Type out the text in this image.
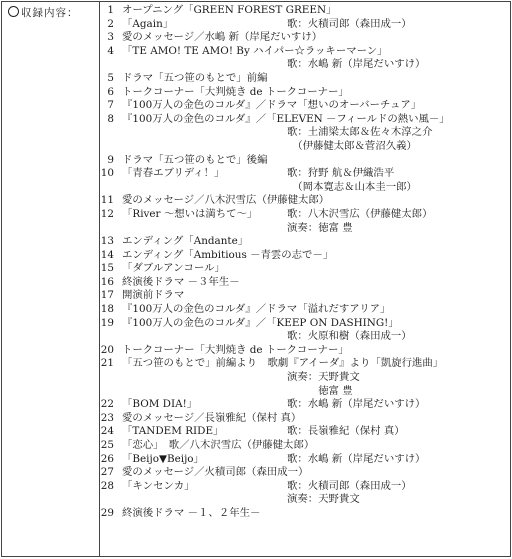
収録内容：	1 オープニング「GREEN FOREST GREEN」
2 「Again」	歌：火積司郎（森田成一）
3 愛のメッセージ／水嶋 新（岸尾だいすけ）
4 「TE AMO! TE AMO! By ハイパー☆ラッキーマーン」
歌：水嶋 新（岸尾だいすけ）
5 ドラマ「五つ笹のもとで」前編
6 トークコーナー「大判焼き de トークコーナー」
7 『100万人の金色のコルダ』／ドラマ「想いのオーバーチュア」
8 『100万人の金色のコルダ』／「ELEVEN －フィールドの熱い風－」
歌：土浦梁太郎＆佐々木淳之介
　（伊藤健太郎＆菅沼久義）
9 ドラマ「五つ笹のもとで」後編
10 「青春エブリディ！」	歌：狩野 航＆伊織浩平
　（岡本寛志＆山本圭一郎）
11 愛のメッセージ／八木沢雪広（伊藤健太郎）
12 「River ～想いは満ちて～」	歌：八木沢雪広（伊藤健太郎）
演奏：徳富 豊
13 エンディング「Andante」
14 エンディング「Ambitious －青雲の志で－」
15 「ダブルアンコール」
16 終演後ドラマ －３年生－
17 開演前ドラマ
18 『100万人の金色のコルダ』／ドラマ「溢れだすアリア」
19 『100万人の金色のコルダ』／「KEEP ON DASHING!」
歌：火原和樹（森田成一）
20 トークコーナー「大判焼き de トークコーナー」
21 「五つ笹のもとで」前編より　歌劇『アイーダ』より「凱旋行進曲」
演奏：天野貴文
　　　徳富 豊
22 「BOM DIA!」	歌：水嶋 新（岸尾だいすけ）
23 愛のメッセージ／長嶺雅紀（保村 真）
24 「TANDEM RIDE」	歌：長嶺雅紀（保村 真）
25 「恋心」　歌／八木沢雪広（伊藤健太郎）
26 「Beijo▼Beijo」	歌：水嶋 新（岸尾だいすけ）
27 愛のメッセージ／火積司郎（森田成一）
28 「キンセンカ」	歌：火積司郎（森田成一）
演奏：天野貴文
29 終演後ドラマ －１、２年生－
